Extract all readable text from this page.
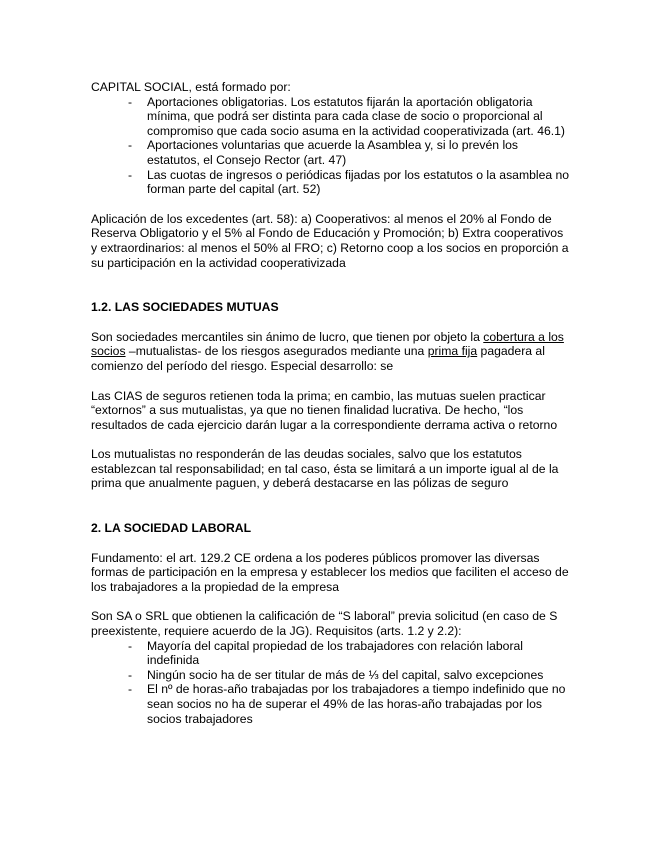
CAPITAL SOCIAL, está formado por:

- Aportaciones obligatorias. Los estatutos fijarán la aportación obligatoria mínima, que podrá ser distinta para cada clase de socio o proporcional al compromiso que cada socio asuma en la actividad cooperativizada (art. 46.1)
- Aportaciones voluntarias que acuerde la Asamblea y, si lo prevén los estatutos, el Consejo Rector (art. 47)
- Las cuotas de ingresos o periódicas fijadas por los estatutos o la asamblea no forman parte del capital (art. 52)

Aplicación de los excedentes (art. 58): a) Cooperativos: al menos el 20% al Fondo de Reserva Obligatorio y el 5% al Fondo de Educación y Promoción; b) Extra cooperativos y extraordinarios: al menos el 50% al FRO; c) Retorno coop a los socios en proporción a su participación en la actividad cooperativizada

1.2. LAS SOCIEDADES MUTUAS

Son sociedades mercantiles sin ánimo de lucro, que tienen por objeto la cobertura a los socios –mutualistas- de los riesgos asegurados mediante una prima fija pagadera al comienzo del período del riesgo. Especial desarrollo: se

Las CIAS de seguros retienen toda la prima; en cambio, las mutuas suelen practicar “extornos” a sus mutualistas, ya que no tienen finalidad lucrativa. De hecho, “los resultados de cada ejercicio darán lugar a la correspondiente derrama activa o retorno

Los mutualistas no responderán de las deudas sociales, salvo que los estatutos establezcan tal responsabilidad; en tal caso, ésta se limitará a un importe igual al de la prima que anualmente paguen, y deberá destacarse en las pólizas de seguro

2. LA SOCIEDAD LABORAL

Fundamento: el art. 129.2 CE ordena a los poderes públicos promover las diversas formas de participación en la empresa y establecer los medios que faciliten el acceso de los trabajadores a la propiedad de la empresa

Son SA o SRL que obtienen la calificación de “S laboral” previa solicitud (en caso de S preexistente, requiere acuerdo de la JG). Requisitos (arts. 1.2 y 2.2):

- Mayoría del capital propiedad de los trabajadores con relación laboral indefinida
- Ningún socio ha de ser titular de más de ⅓ del capital, salvo excepciones
- El nº de horas-año trabajadas por los trabajadores a tiempo indefinido que no sean socios no ha de superar el 49% de las horas-año trabajadas por los socios trabajadores
